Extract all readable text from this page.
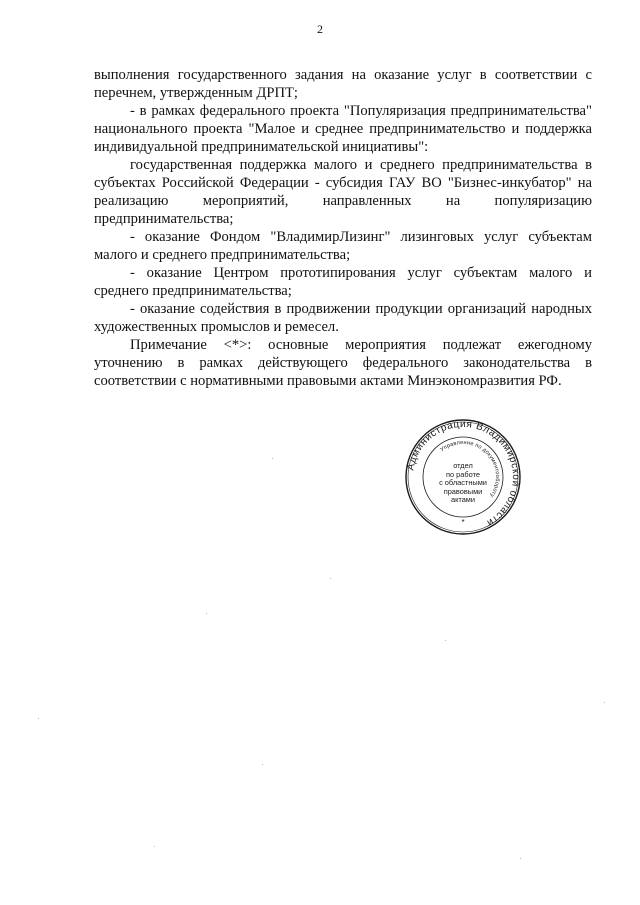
2

выполнения государственного задания на оказание услуг в соответствии с перечнем, утвержденным ДРПТ;

- в рамках федерального проекта "Популяризация предпринимательства" национального проекта "Малое и среднее предпринимательство и поддержка индивидуальной предпринимательской инициативы":

государственная поддержка малого и среднего предпринимательства в субъектах Российской Федерации - субсидия ГАУ ВО "Бизнес-инкубатор" на реализацию мероприятий, направленных на популяризацию предпринимательства;

- оказание Фондом "ВладимирЛизинг" лизинговых услуг субъектам малого и среднего предпринимательства;

- оказание Центром прототипирования услуг субъектам малого и среднего предпринимательства;

- оказание содействия в продвижении продукции организаций народных художественных промыслов и ремесел.

Примечание <*>: основные мероприятия подлежат ежегодному уточнению в рамках действующего федерального законодательства в соответствии с нормативными правовыми актами Минэкономразвития РФ.

Администрация Владимирской области
Управление по документообороту
*
отдел
по работе
с областными
правовыми
актами
